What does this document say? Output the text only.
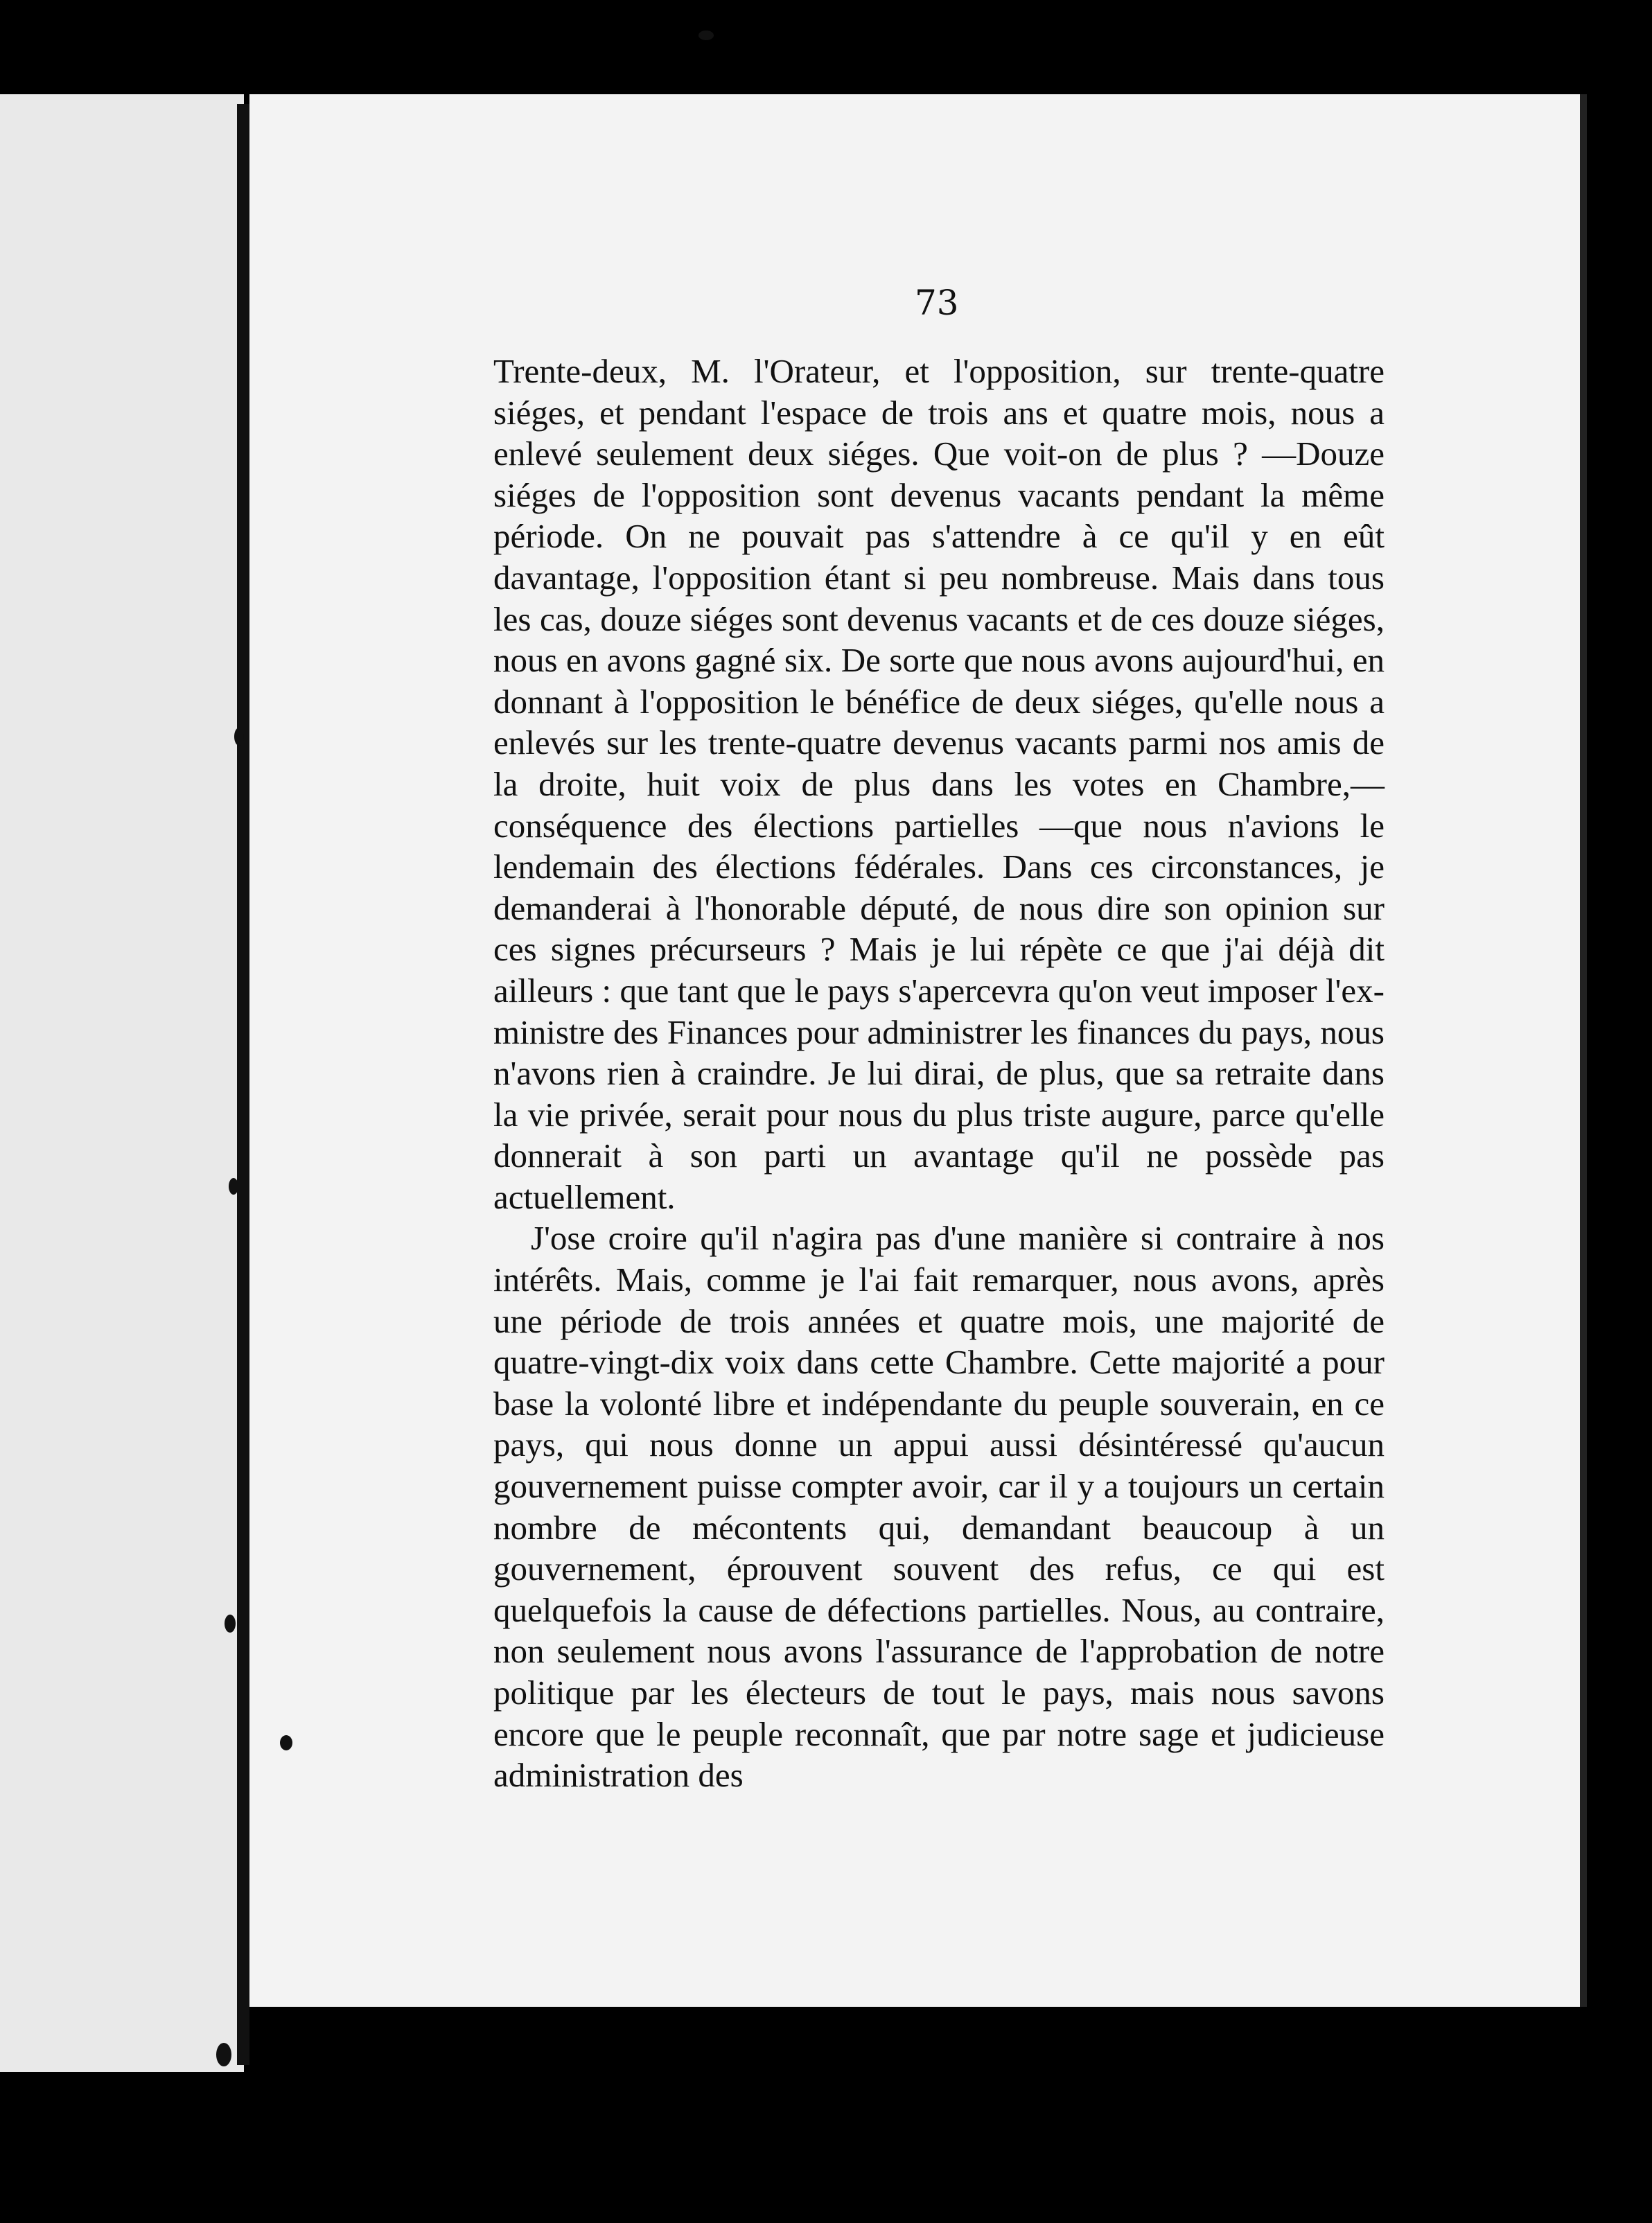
73

Trente-deux, M. l'Orateur, et l'opposition, sur trente-quatre siéges, et pendant l'espace de trois ans et quatre mois, nous a enlevé seulement deux siéges. Que voit-on de plus ? —Douze siéges de l'opposition sont devenus vacants pendant la même période. On ne pouvait pas s'attendre à ce qu'il y en eût davantage, l'opposition étant si peu nombreuse. Mais dans tous les cas, douze siéges sont devenus vacants et de ces douze siéges, nous en avons gagné six. De sorte que nous avons aujourd'hui, en donnant à l'opposition le bénéfice de deux siéges, qu'elle nous a enlevés sur les trente-quatre devenus vacants parmi nos amis de la droite, huit voix de plus dans les votes en Chambre,—conséquence des élections partielles —que nous n'avions le lendemain des élections fédérales. Dans ces circonstances, je demanderai à l'honorable député, de nous dire son opinion sur ces signes précurseurs ? Mais je lui répète ce que j'ai déjà dit ailleurs : que tant que le pays s'apercevra qu'on veut imposer l'ex-ministre des Finances pour administrer les finances du pays, nous n'avons rien à craindre. Je lui dirai, de plus, que sa retraite dans la vie privée, serait pour nous du plus triste augure, parce qu'elle donnerait à son parti un avantage qu'il ne possède pas actuellement.

J'ose croire qu'il n'agira pas d'une manière si contraire à nos intérêts. Mais, comme je l'ai fait remarquer, nous avons, après une période de trois années et quatre mois, une majorité de quatre-vingt-dix voix dans cette Chambre. Cette majorité a pour base la volonté libre et indépendante du peuple souverain, en ce pays, qui nous donne un appui aussi désintéressé qu'aucun gouvernement puisse compter avoir, car il y a toujours un certain nombre de mécontents qui, demandant beaucoup à un gouvernement, éprouvent souvent des refus, ce qui est quelquefois la cause de défections partielles. Nous, au contraire, non seulement nous avons l'assurance de l'approbation de notre politique par les électeurs de tout le pays, mais nous savons encore que le peuple reconnaît, que par notre sage et judicieuse administration des
